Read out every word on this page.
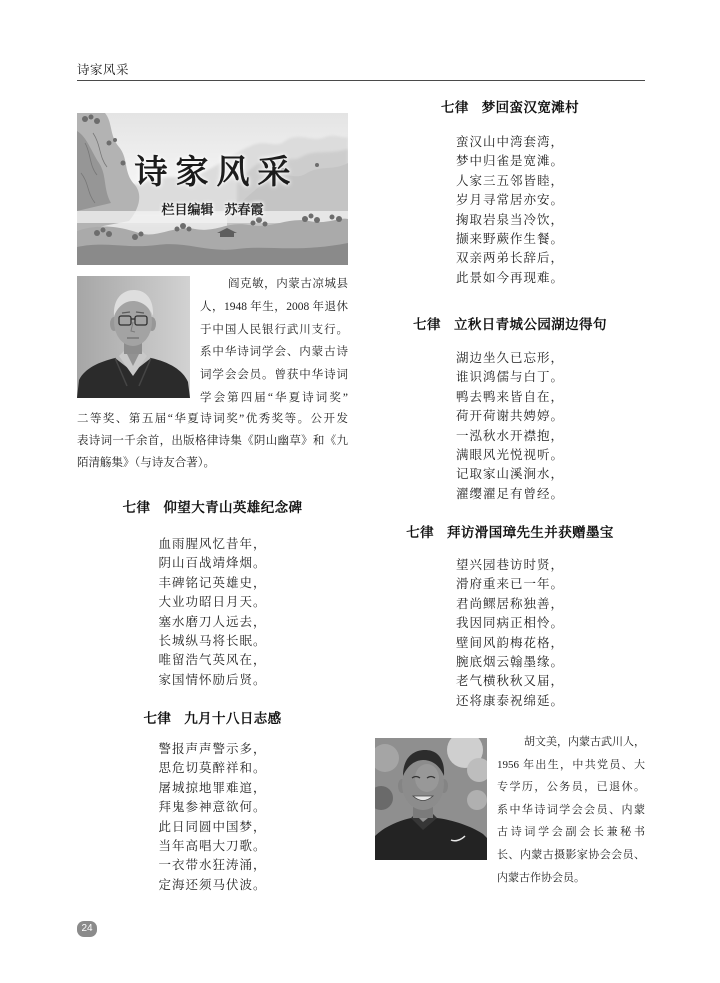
诗家风采
诗家风采
栏目编辑 苏春霞
阎克敏，内蒙古凉城县
人，1948 年生，2008 年退休
于中国人民银行武川支行。
系中华诗词学会、内蒙古诗
词学会会员。曾获中华诗词
学会第四届“华夏诗词奖”
二等奖、第五届“华夏诗词奖”优秀奖等。公开发
表诗词一千余首，出版格律诗集《阴山幽草》和《九
陌清觞集》（与诗友合著）。
七律 仰望大青山英雄纪念碑
血雨腥风忆昔年，
阴山百战靖烽烟。
丰碑铭记英雄史，
大业功昭日月天。
塞水磨刀人远去，
长城纵马将长眠。
唯留浩气英风在，
家国情怀励后贤。
七律 九月十八日志感
警报声声警示多，
思危切莫醉祥和。
屠城掠地罪难逭，
拜鬼参神意欲何。
此日同圆中国梦，
当年高唱大刀歌。
一衣带水狂涛涌，
定海还须马伏波。
七律 梦回蛮汉宽滩村
蛮汉山中湾套湾，
梦中归雀是宽滩。
人家三五邻皆睦，
岁月寻常居亦安。
掬取岩泉当冷饮，
撷来野蕨作生餐。
双亲两弟长辞后，
此景如今再现难。
七律 立秋日青城公园湖边得句
湖边坐久已忘形，
谁识鸿儒与白丁。
鸭去鸭来皆自在，
荷开荷谢共娉婷。
一泓秋水开襟抱，
满眼风光悦视听。
记取家山溪涧水，
濯缨濯足有曾经。
七律 拜访滑国璋先生并获赠墨宝
望兴园巷访时贤，
滑府重来已一年。
君尚鳏居称独善，
我因同病正相怜。
壁间风韵梅花格，
腕底烟云翰墨缘。
老气横秋秋又届，
还将康泰祝绵延。
胡文美，内蒙古武川人，
1956 年出生，中共党员、大
专学历，公务员，已退休。
系中华诗词学会会员、内蒙
古诗词学会副会长兼秘书
长、内蒙古摄影家协会会员、
内蒙古作协会员。
24
